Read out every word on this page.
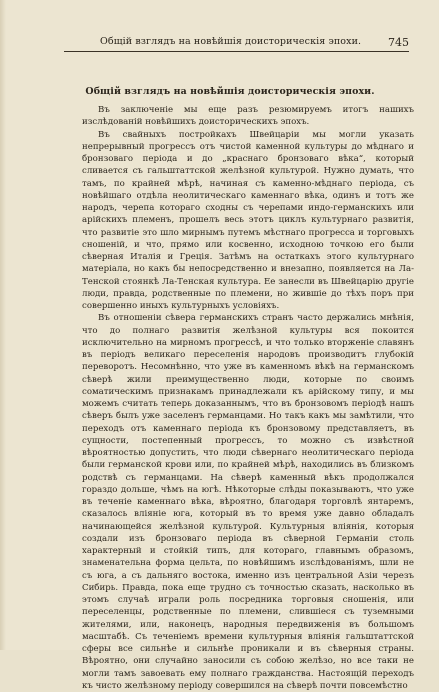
Общій взглядъ на новѣйшія доисторическія эпохи. 745
Общій взглядъ на новѣйшія доисторическія эпохи.

Въ заключеніе мы еще разъ резюмируемъ итогъ нашихъ изслѣдованій новѣйшихъ доисторическихъ эпохъ.

Въ свайныхъ постройкахъ Швейцаріи мы могли указать непрерывный прогрессъ отъ чистой каменной культуры до мѣднаго и бронзоваго періода и до „краснаго бронзоваго вѣка“, который сливается съ гальштаттской желѣзной культурой. Нужно думать, что тамъ, по крайней мѣрѣ, начиная съ каменно-мѣднаго періода, съ новѣйшаго отдѣла неолитическаго каменнаго вѣка, одинъ и тотъ же народъ, черепа котораго сходны съ черепами индо-германскихъ или арійскихъ племенъ, прошелъ весь этотъ циклъ культурнаго развитія, что развитіе это шло мирнымъ путемъ мѣстнаго прогресса и торговыхъ сношеній, и что, прямо или косвенно, исходною точкою его были сѣверная Италія и Греція. Затѣмъ на остаткахъ этого культурнаго матеріала, но какъ бы непосредственно и внезапно, появляется на Ла-Тенской стоянкѣ Ла-Тенская культура. Ее занесли въ Швейцарію другіе люди, правда, родственные по племени, но жившіе до тѣхъ поръ при совершенно иныхъ культурныхъ условіяхъ.

Въ отношеніи сѣвера германскихъ странъ часто держались мнѣнія, что до полнаго развитія желѣзной культуры вся покоится исключительно на мирномъ прогрессѣ, и что только вторженіе славянъ въ періодъ великаго переселенія народовъ производитъ глубокій переворотъ. Несомнѣнно, что уже въ каменномъ вѣкѣ на германскомъ сѣверѣ жили преимущественно люди, которые по своимъ соматическимъ признакамъ принадлежали къ арійскому типу, и мы можемъ считать теперь доказаннымъ, что въ бронзовомъ періодѣ нашъ сѣверъ былъ уже заселенъ германцами. Но такъ какъ мы замѣтили, что переходъ отъ каменнаго періода къ бронзовому представляетъ, въ сущности, постепенный прогрессъ, то можно съ извѣстной вѣроятностью допустить, что люди сѣвернаго неолитическаго періода были германской крови или, по крайней мѣрѣ, находились въ близкомъ родствѣ съ германцами. На сѣверѣ каменный вѣкъ продолжался гораздо дольше, чѣмъ на югѣ. Нѣкоторые слѣды показываютъ, что уже въ теченіе каменнаго вѣка, вѣроятно, благодаря торговлѣ янтаремъ, сказалось вліяніе юга, который въ то время уже давно обладалъ начинающейся желѣзной культурой. Культурныя вліянія, которыя создали изъ бронзоваго періода въ сѣверной Германіи столь характерный и стойкій типъ, для котораго, главнымъ образомъ, знаменательна форма цельта, по новѣйшимъ изслѣдованіямъ, шли не съ юга, а съ дальняго востока, именно изъ центральной Азіи черезъ Сибирь. Правда, пока еще трудно съ точностью сказать, насколько въ этомъ случаѣ играли роль посредника торговыя сношенія, или переселенцы, родственные по племени, слившіеся съ туземными жителями, или, наконецъ, народныя передвиженія въ большомъ масштабѣ. Съ теченіемъ времени культурныя вліянія гальштаттской сферы все сильнѣе и сильнѣе проникали и въ сѣверныя страны. Вѣроятно, они случайно заносили съ собою желѣзо, но все таки не могли тамъ завоевать ему полнаго гражданства. Настоящій переходъ къ чисто желѣзному періоду совершился на сѣверѣ почти повсемѣстно
